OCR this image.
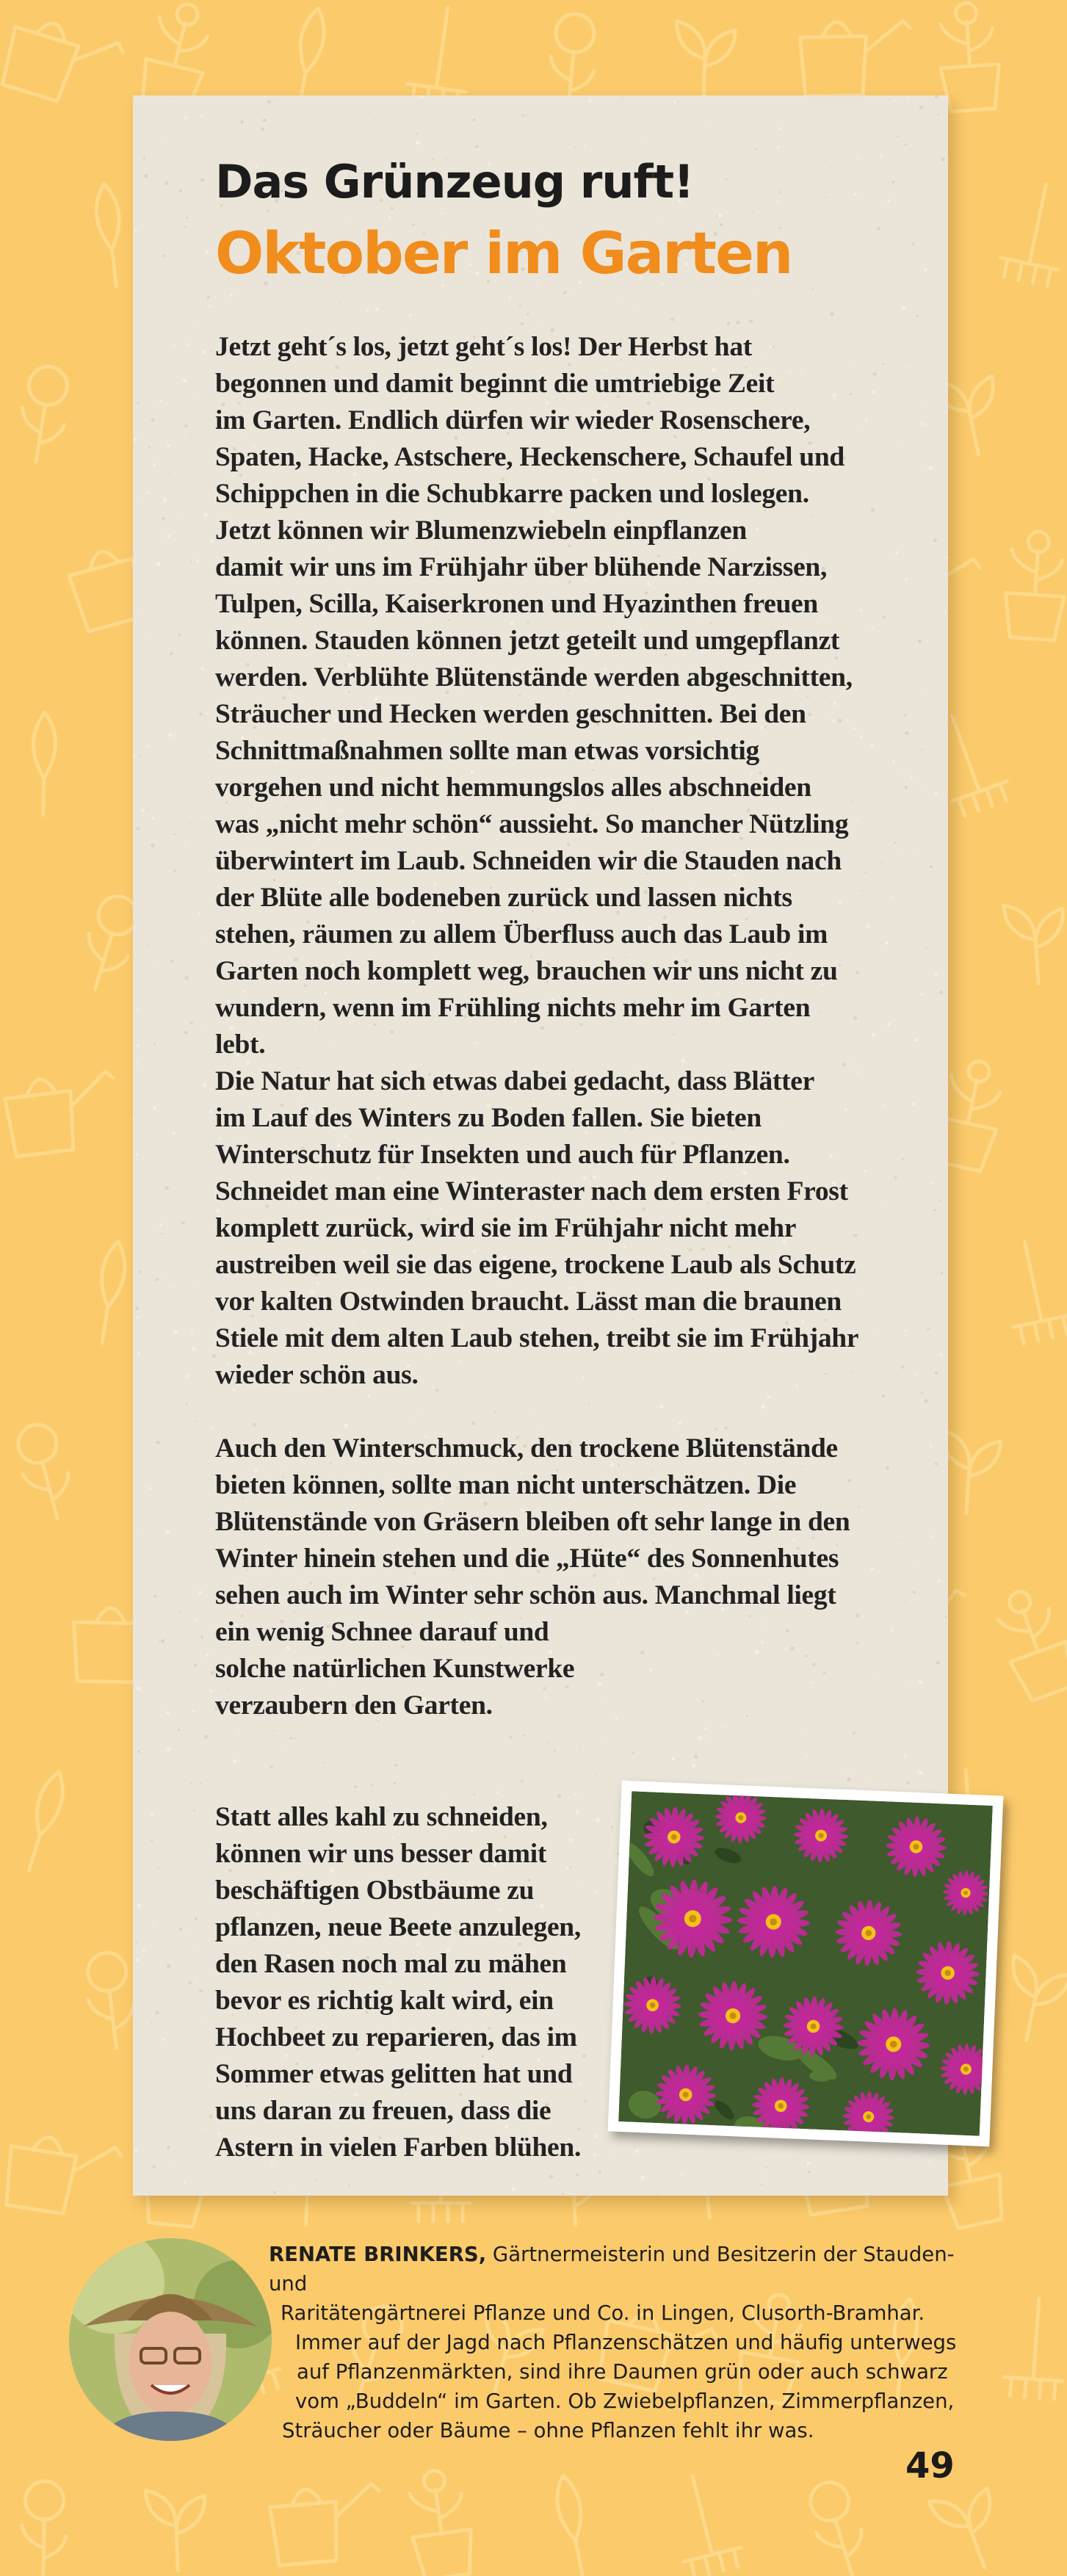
Das Grünzeug ruft!
Oktober im Garten

Jetzt geht´s los, jetzt geht´s los! Der Herbst hat
begonnen und damit beginnt die umtriebige Zeit
im Garten. Endlich dürfen wir wieder Rosenschere,
Spaten, Hacke, Astschere, Heckenschere, Schaufel und
Schippchen in die Schubkarre packen und loslegen.
Jetzt können wir Blumenzwiebeln einpflanzen
damit wir uns im Frühjahr über blühende Narzissen,
Tulpen, Scilla, Kaiserkronen und Hyazinthen freuen
können. Stauden können jetzt geteilt und umgepflanzt
werden. Verblühte Blütenstände werden abgeschnitten,
Sträucher und Hecken werden geschnitten. Bei den
Schnittmaßnahmen sollte man etwas vorsichtig
vorgehen und nicht hemmungslos alles abschneiden
was „nicht mehr schön“ aussieht. So mancher Nützling
überwintert im Laub. Schneiden wir die Stauden nach
der Blüte alle bodeneben zurück und lassen nichts
stehen, räumen zu allem Überfluss auch das Laub im
Garten noch komplett weg, brauchen wir uns nicht zu
wundern, wenn im Frühling nichts mehr im Garten
lebt.

Die Natur hat sich etwas dabei gedacht, dass Blätter
im Lauf des Winters zu Boden fallen. Sie bieten
Winterschutz für Insekten und auch für Pflanzen.
Schneidet man eine Winteraster nach dem ersten Frost
komplett zurück, wird sie im Frühjahr nicht mehr
austreiben weil sie das eigene, trockene Laub als Schutz
vor kalten Ostwinden braucht. Lässt man die braunen
Stiele mit dem alten Laub stehen, treibt sie im Frühjahr
wieder schön aus.

Auch den Winterschmuck, den trockene Blütenstände
bieten können, sollte man nicht unterschätzen. Die
Blütenstände von Gräsern bleiben oft sehr lange in den
Winter hinein stehen und die „Hüte“ des Sonnenhutes
sehen auch im Winter sehr schön aus. Manchmal liegt
ein wenig Schnee darauf und
solche natürlichen Kunstwerke
verzaubern den Garten.

Statt alles kahl zu schneiden,
können wir uns besser damit
beschäftigen Obstbäume zu
pflanzen, neue Beete anzulegen,
den Rasen noch mal zu mähen
bevor es richtig kalt wird, ein
Hochbeet zu reparieren, das im
Sommer etwas gelitten hat und
uns daran zu freuen, dass die
Astern in vielen Farben blühen.

RENATE BRINKERS, Gärtnermeisterin und Besitzerin der Stauden- und
Raritätengärtnerei Pflanze und Co. in Lingen, Clusorth-Bramhar.
Immer auf der Jagd nach Pflanzenschätzen und häufig unterwegs
auf Pflanzenmärkten, sind ihre Daumen grün oder auch schwarz
vom „Buddeln“ im Garten. Ob Zwiebelpflanzen, Zimmerpflanzen,
Sträucher oder Bäume – ohne Pflanzen fehlt ihr was.

49
